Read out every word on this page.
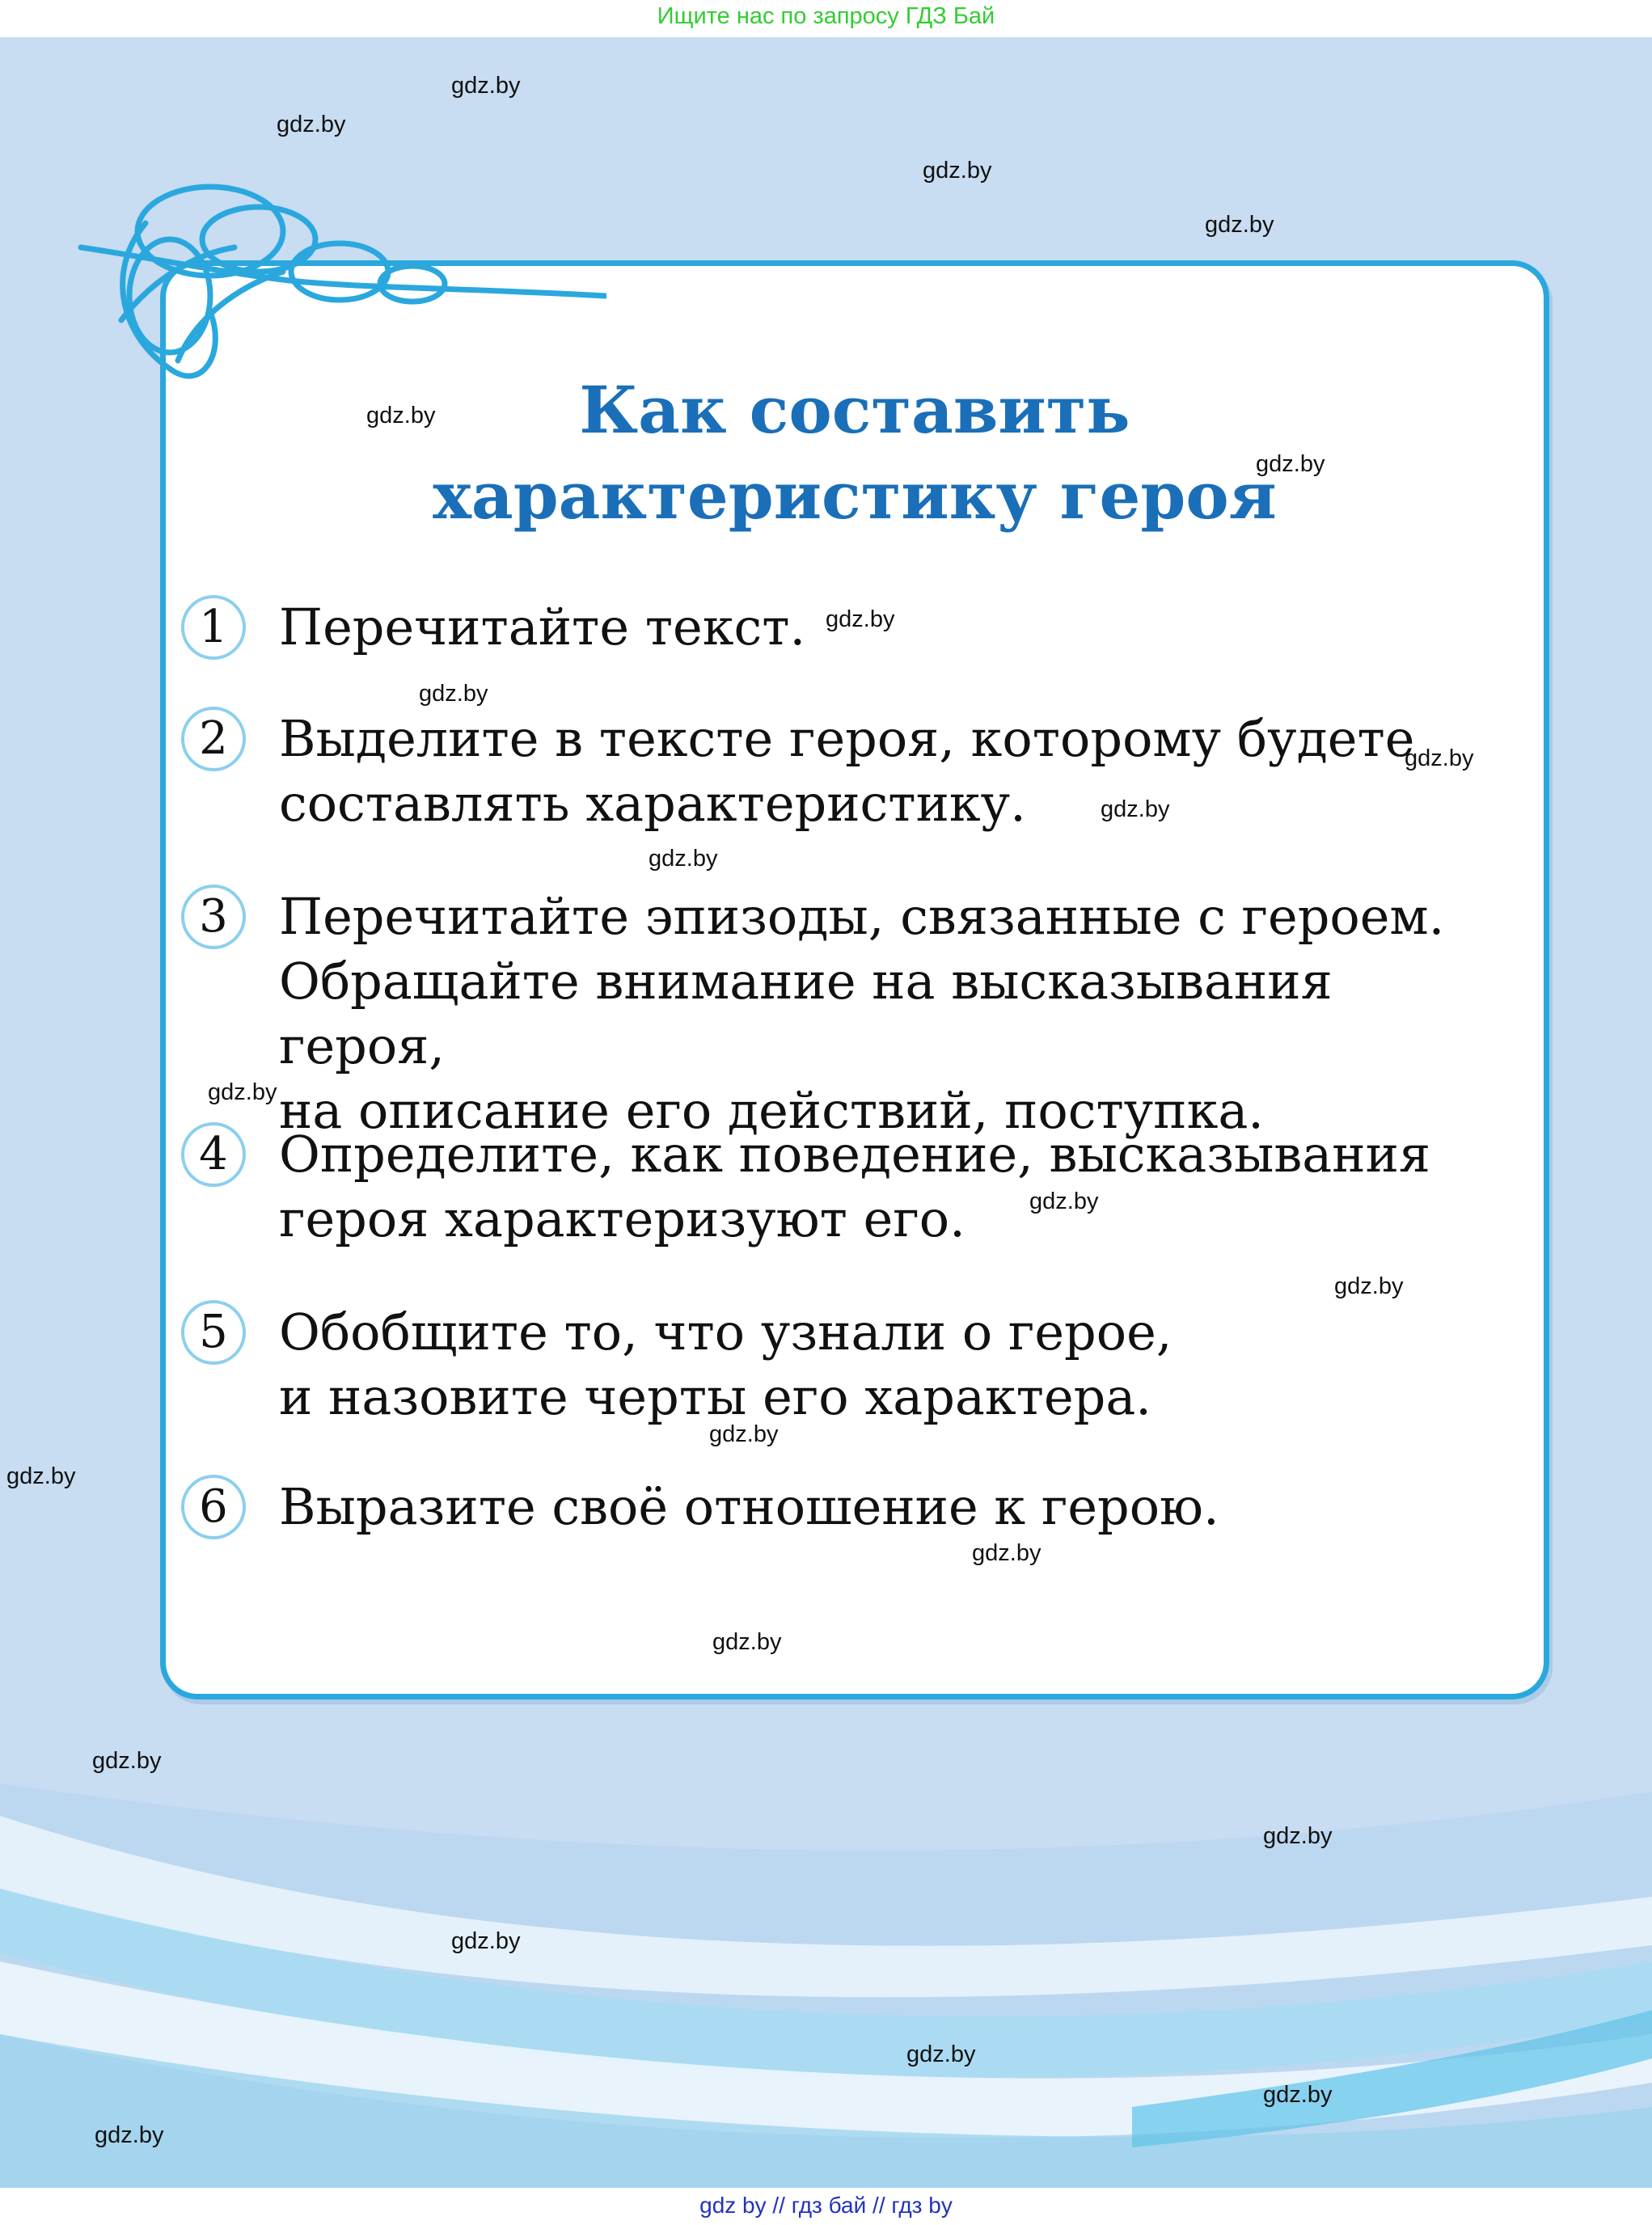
Ищите нас по запросу ГДЗ Бай
Как составить
характеристику героя
1	Перечитайте текст.

2	Выделите в тексте героя, которому будете
составлять характеристику.

3	Перечитайте эпизоды, связанные с героем.
Обращайте внимание на высказывания героя,
на описание его действий, поступка.

4	Определите, как поведение, высказывания
героя характеризуют его.

5	Обобщите то, что узнали о герое,
и назовите черты его характера.

6	Выразите своё отношение к герою.

gdz.by
gdz.by
gdz.by
gdz.by
gdz.by
gdz.by
gdz.by
gdz.by
gdz.by
gdz.by
gdz.by
gdz.by
gdz.by
gdz.by
gdz.by
gdz.by
gdz.by
gdz.by
gdz.by
gdz.by
gdz.by
gdz.by
gdz.by
gdz.by
gdz by // гдз бай // гдз by
